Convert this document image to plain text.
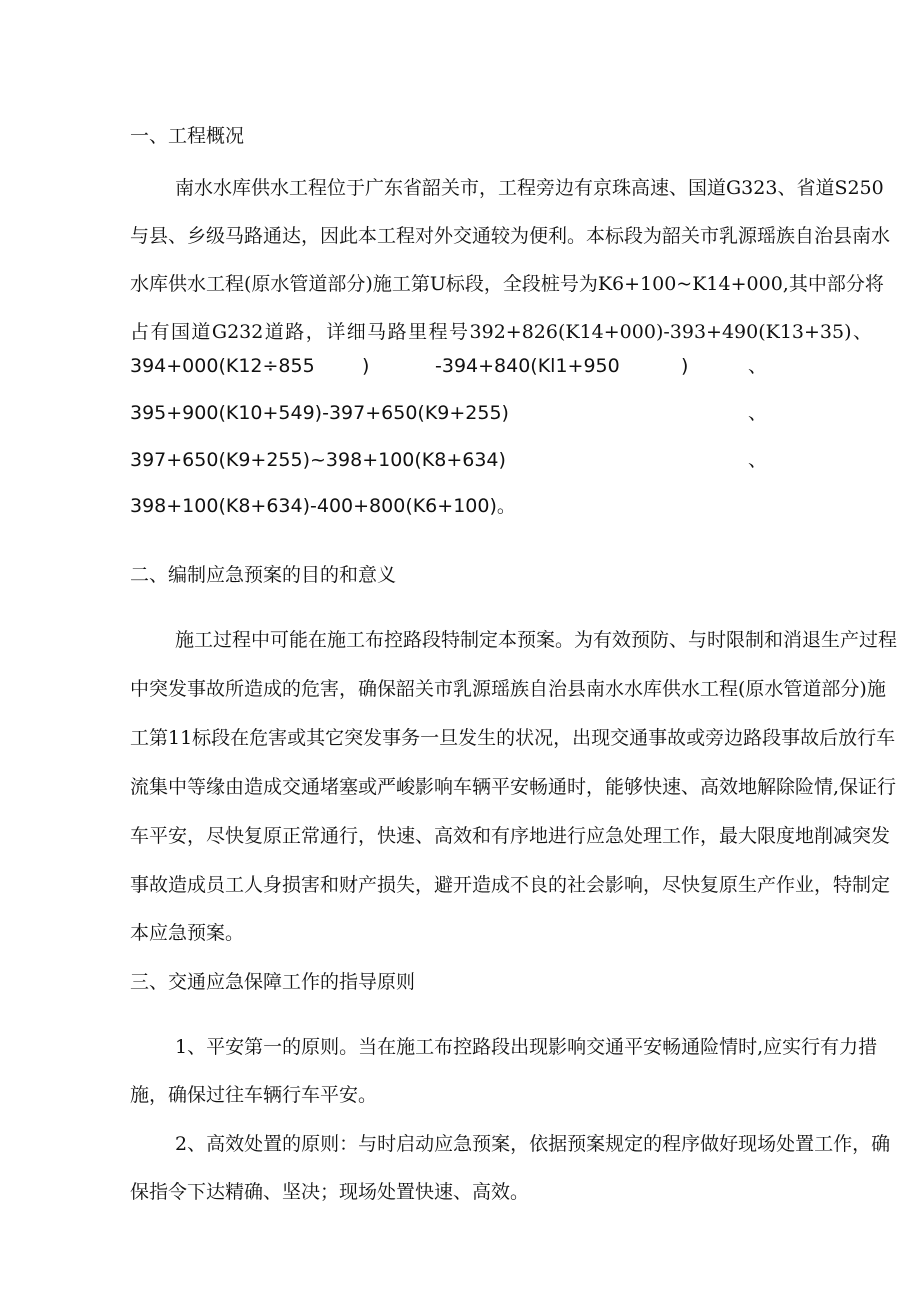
一、工程概况
南水水库供水工程位于广东省韶关市，工程旁边有京珠高速、国道G323、省道S250
与县、乡级马路通达，因此本工程对外交通较为便利。本标段为韶关市乳源瑶族自治县南水
水库供水工程(原水管道部分)施工第U标段，全段桩号为K6+100~K14+000,其中部分将
占有国道G232道路，详细马路里程号392+826(K14+000)-393+490(K13+35)、
394+000(K12÷855 )	-394+840(Kl1+950	)	、
395+900(K10+549)-397+650(K9+255)	、
397+650(K9+255)~398+100(K8+634)	、
398+100(K8+634)-400+800(K6+100)。
二、编制应急预案的目的和意义
施工过程中可能在施工布控路段特制定本预案。为有效预防、与时限制和消退生产过程
中突发事故所造成的危害，确保韶关市乳源瑶族自治县南水水库供水工程(原水管道部分)施
工第11标段在危害或其它突发事务一旦发生的状况，出现交通事故或旁边路段事故后放行车
流集中等缘由造成交通堵塞或严峻影响车辆平安畅通时，能够快速、高效地解除险情,保证行
车平安，尽快复原正常通行，快速、高效和有序地进行应急处理工作，最大限度地削减突发
事故造成员工人身损害和财产损失，避开造成不良的社会影响，尽快复原生产作业，特制定
本应急预案。
三、交通应急保障工作的指导原则
1、平安第一的原则。当在施工布控路段出现影响交通平安畅通险情时,应实行有力措
施，确保过往车辆行车平安。
2、高效处置的原则：与时启动应急预案，依据预案规定的程序做好现场处置工作，确
保指令下达精确、坚决；现场处置快速、高效。
